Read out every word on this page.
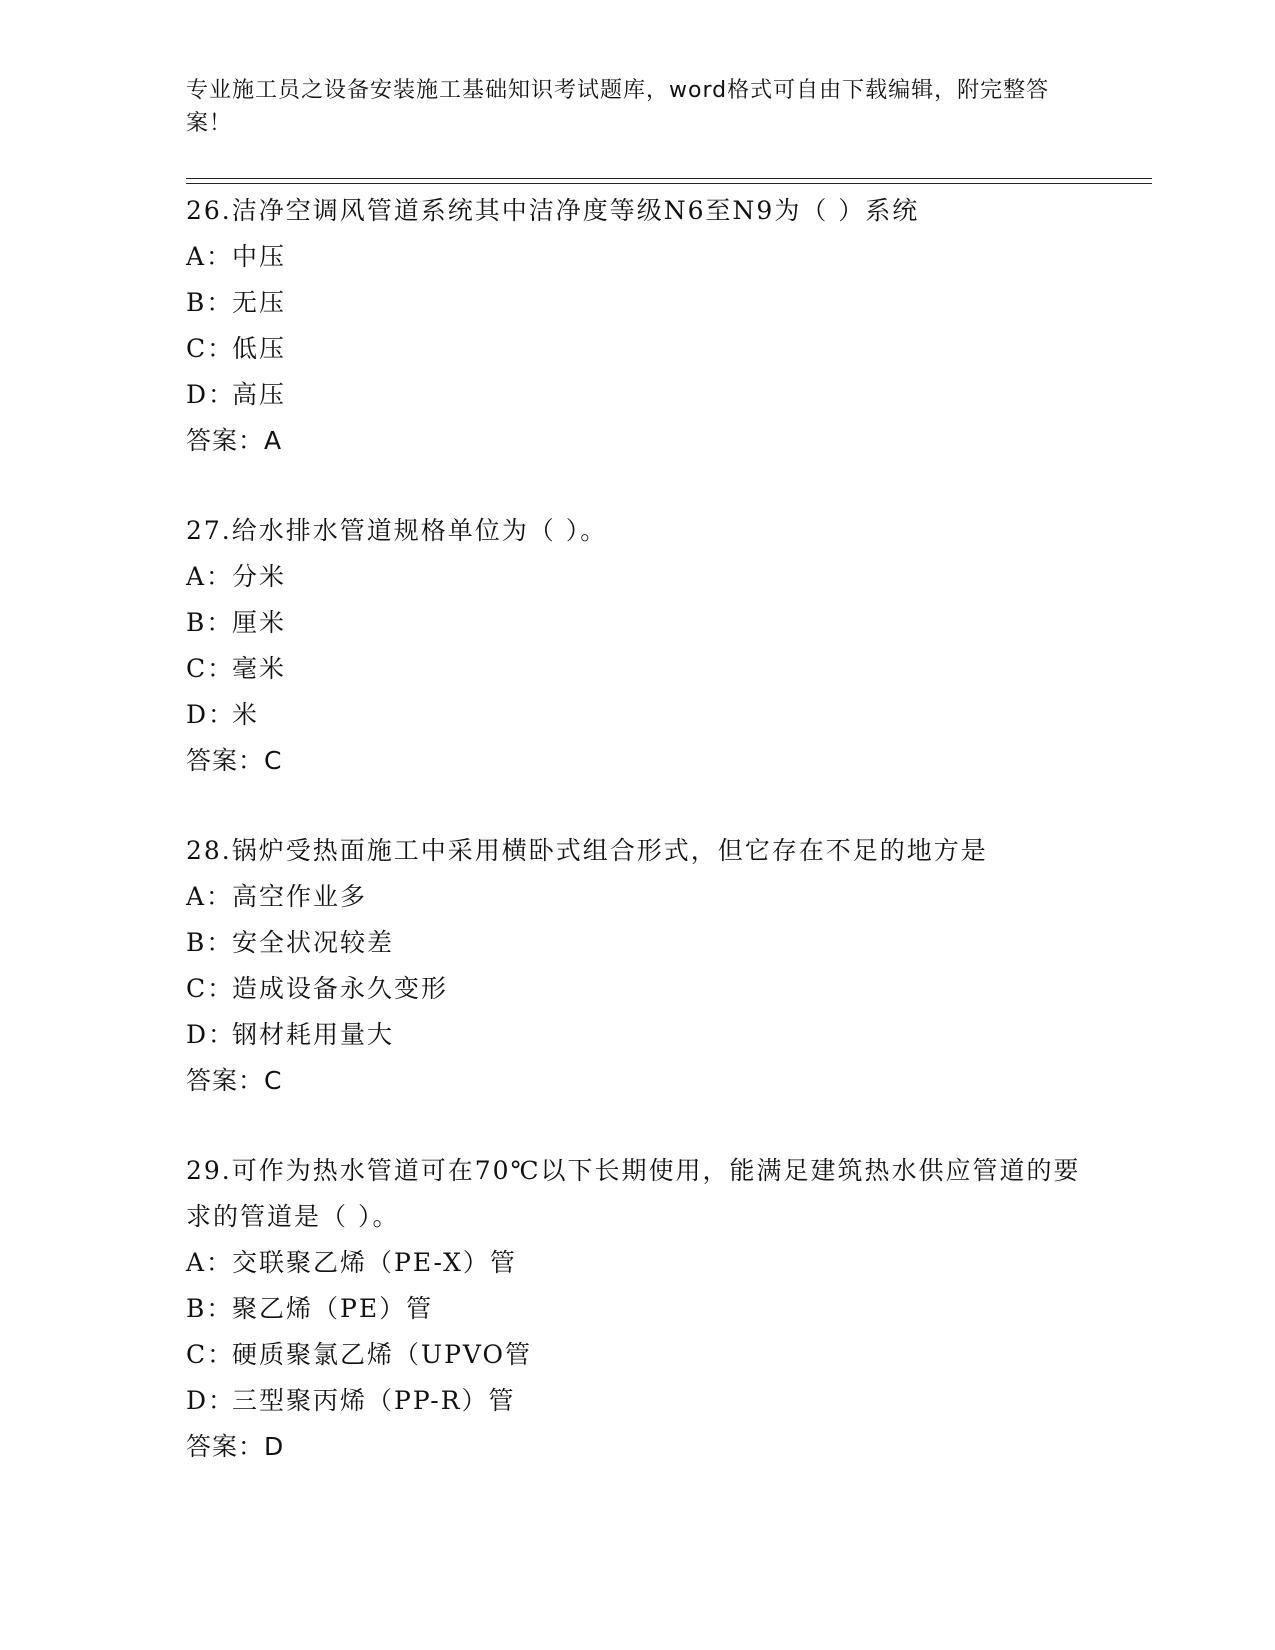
专业施工员之设备安装施工基础知识考试题库，word格式可自由下载编辑，附完整答案！
26.洁净空调风管道系统其中洁净度等级N6至N9为（ ）系统
A：中压
B：无压
C：低压
D：高压
答案：A
27.给水排水管道规格单位为（ ）。
A：分米
B：厘米
C：毫米
D：米
答案：C
28.锅炉受热面施工中采用横卧式组合形式，但它存在不足的地方是
A：高空作业多
B：安全状况较差
C：造成设备永久变形
D：钢材耗用量大
答案：C
29.可作为热水管道可在70℃以下长期使用，能满足建筑热水供应管道的要求的管道是（ ）。
A：交联聚乙烯（PE-X）管
B：聚乙烯（PE）管
C：硬质聚氯乙烯（UPVO管
D：三型聚丙烯（PP-R）管
答案：D
